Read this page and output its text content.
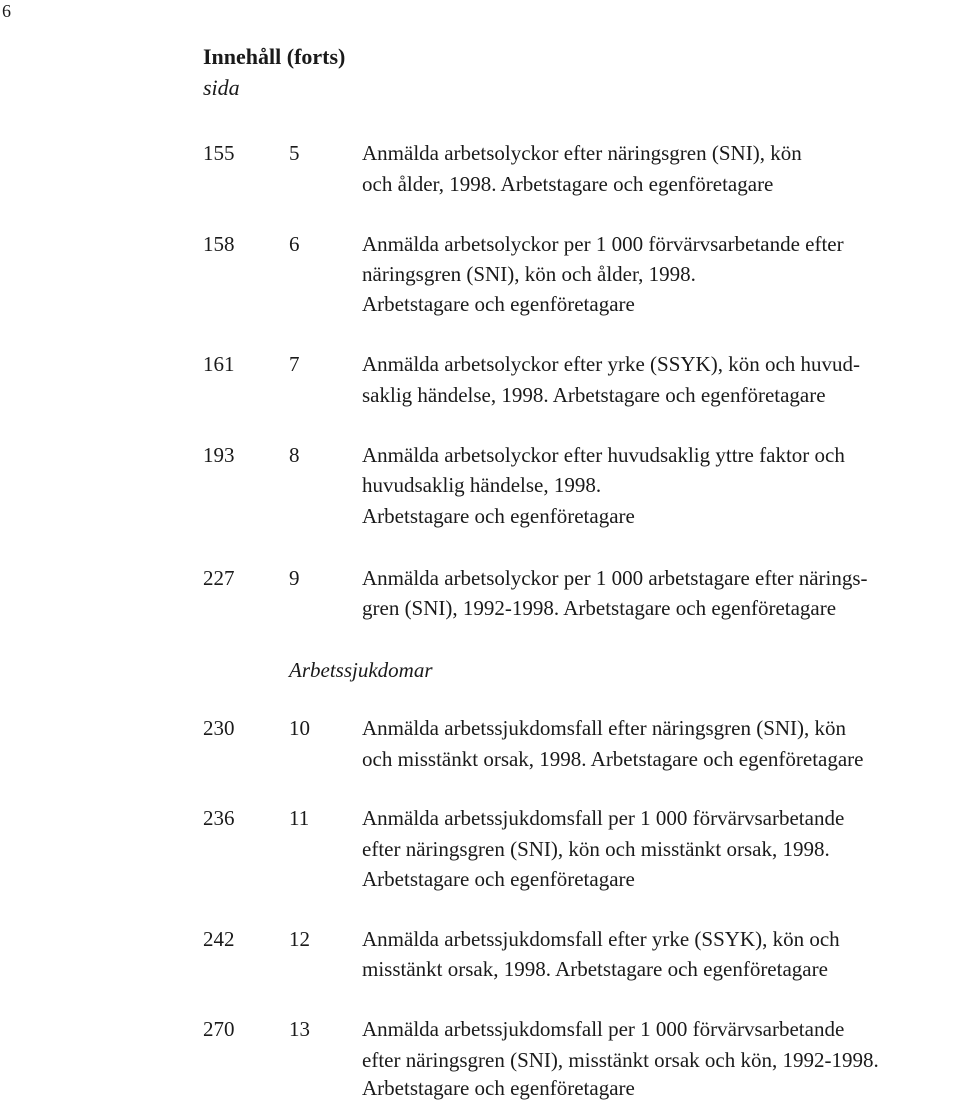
6
Innehåll (forts)
sida
155	5	Anmälda arbetsolyckor efter näringsgren (SNI), kön
och ålder, 1998. Arbetstagare och egenföretagare
158	6	Anmälda arbetsolyckor per 1 000 förvärvsarbetande efter
näringsgren (SNI), kön och ålder, 1998.
Arbetstagare och egenföretagare
161	7	Anmälda arbetsolyckor efter yrke (SSYK), kön och huvud-
saklig händelse, 1998. Arbetstagare och egenföretagare
193	8	Anmälda arbetsolyckor efter huvudsaklig yttre faktor och
huvudsaklig händelse, 1998.
Arbetstagare och egenföretagare
227	9	Anmälda arbetsolyckor per 1 000 arbetstagare efter närings-
gren (SNI), 1992-1998. Arbetstagare och egenföretagare
Arbetssjukdomar
230	10 Anmälda arbetssjukdomsfall efter näringsgren (SNI), kön
och misstänkt orsak, 1998. Arbetstagare och egenföretagare
236	11	Anmälda arbetssjukdomsfall per 1 000 förvärvsarbetande
efter näringsgren (SNI), kön och misstänkt orsak, 1998.
Arbetstagare och egenföretagare
242	12 Anmälda arbetssjukdomsfall efter yrke (SSYK), kön och
misstänkt orsak, 1998. Arbetstagare och egenföretagare
270	13 Anmälda arbetssjukdomsfall per 1 000 förvärvsarbetande
efter näringsgren (SNI), misstänkt orsak och kön, 1992-1998.
Arbetstagare och egenföretagare
